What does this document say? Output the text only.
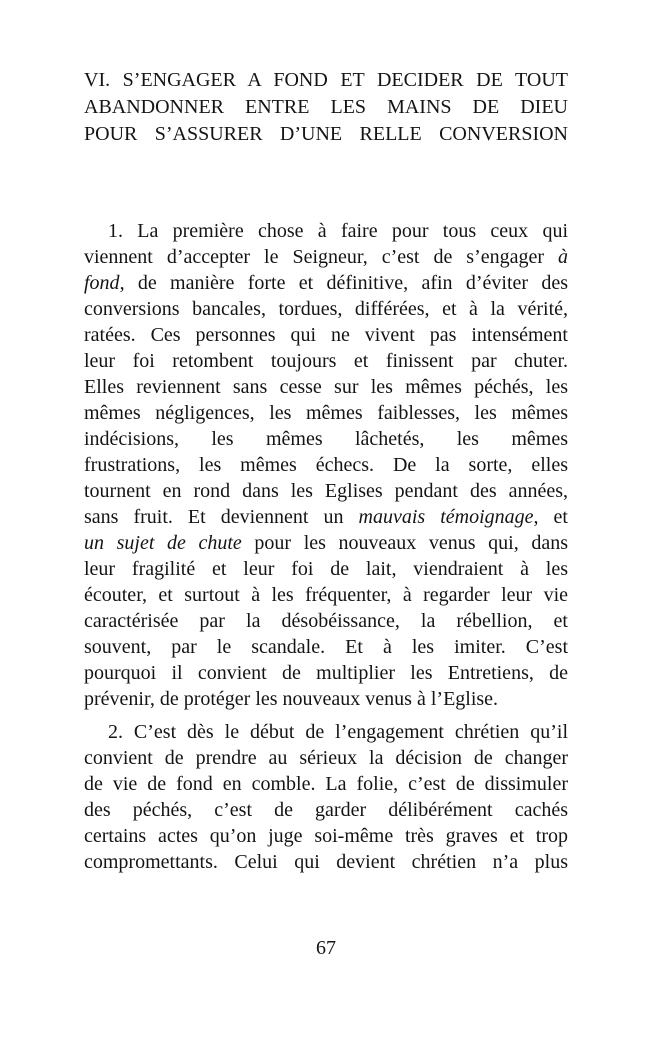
VI. S’ENGAGER A FOND ET DECIDER DE TOUT
ABANDONNER ENTRE LES MAINS DE DIEU
POUR S’ASSURER D’UNE RELLE CONVERSION
1. La première chose à faire pour tous ceux qui
viennent d’accepter le Seigneur, c’est de s’engager à
fond, de manière forte et définitive, afin d’éviter des
conversions bancales, tordues, différées, et à la vérité,
ratées. Ces personnes qui ne vivent pas intensément
leur foi retombent toujours et finissent par chuter.
Elles reviennent sans cesse sur les mêmes péchés, les
mêmes négligences, les mêmes faiblesses, les mêmes
indécisions, les mêmes lâchetés, les mêmes
frustrations, les mêmes échecs. De la sorte, elles
tournent en rond dans les Eglises pendant des années,
sans fruit. Et deviennent un mauvais témoignage, et
un sujet de chute pour les nouveaux venus qui, dans
leur fragilité et leur foi de lait, viendraient à les
écouter, et surtout à les fréquenter, à regarder leur vie
caractérisée par la désobéissance, la rébellion, et
souvent, par le scandale. Et à les imiter. C’est
pourquoi il convient de multiplier les Entretiens, de
prévenir, de protéger les nouveaux venus à l’Eglise.
2. C’est dès le début de l’engagement chrétien qu’il
convient de prendre au sérieux la décision de changer
de vie de fond en comble. La folie, c’est de dissimuler
des péchés, c’est de garder délibérément cachés
certains actes qu’on juge soi-même très graves et trop
compromettants. Celui qui devient chrétien n’a plus
67
